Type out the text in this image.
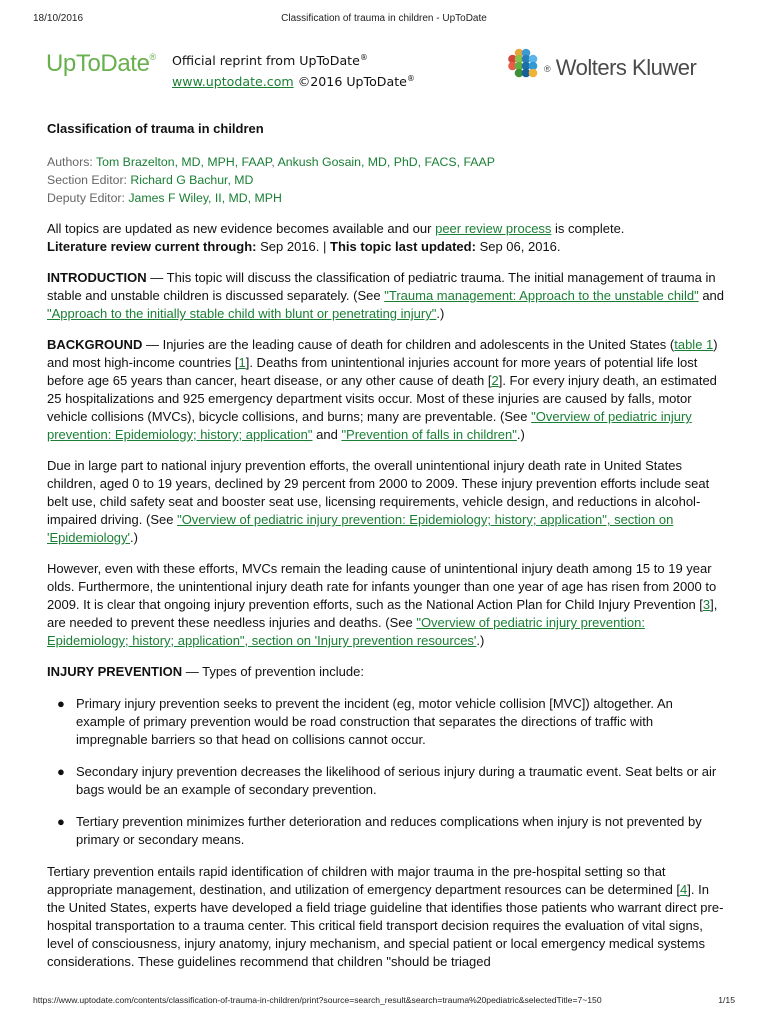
18/10/2016	Classification of trauma in children - UpToDate
UpToDate® Official reprint from UpToDate®
www.uptodate.com ©2016 UpToDate®
® Wolters Kluwer
Classification of trauma in children
Authors: Tom Brazelton, MD, MPH, FAAP, Ankush Gosain, MD, PhD, FACS, FAAP
Section Editor: Richard G Bachur, MD
Deputy Editor: James F Wiley, II, MD, MPH

All topics are updated as new evidence becomes available and our peer review process is complete.
Literature review current through: Sep 2016. | This topic last updated: Sep 06, 2016.

INTRODUCTION — This topic will discuss the classification of pediatric trauma. The initial management of trauma in stable and unstable children is discussed separately. (See "Trauma management: Approach to the unstable child" and "Approach to the initially stable child with blunt or penetrating injury".)

BACKGROUND — Injuries are the leading cause of death for children and adolescents in the United States (table 1) and most high-income countries [1]. Deaths from unintentional injuries account for more years of potential life lost before age 65 years than cancer, heart disease, or any other cause of death [2]. For every injury death, an estimated 25 hospitalizations and 925 emergency department visits occur. Most of these injuries are caused by falls, motor vehicle collisions (MVCs), bicycle collisions, and burns; many are preventable. (See "Overview of pediatric injury prevention: Epidemiology; history; application" and "Prevention of falls in children".)

Due in large part to national injury prevention efforts, the overall unintentional injury death rate in United States children, aged 0 to 19 years, declined by 29 percent from 2000 to 2009. These injury prevention efforts include seat belt use, child safety seat and booster seat use, licensing requirements, vehicle design, and reductions in alcohol-impaired driving. (See "Overview of pediatric injury prevention: Epidemiology; history; application", section on 'Epidemiology'.)

However, even with these efforts, MVCs remain the leading cause of unintentional injury death among 15 to 19 year olds. Furthermore, the unintentional injury death rate for infants younger than one year of age has risen from 2000 to 2009. It is clear that ongoing injury prevention efforts, such as the National Action Plan for Child Injury Prevention [3], are needed to prevent these needless injuries and deaths. (See "Overview of pediatric injury prevention: Epidemiology; history; application", section on 'Injury prevention resources'.)

INJURY PREVENTION — Types of prevention include:

● Primary injury prevention seeks to prevent the incident (eg, motor vehicle collision [MVC]) altogether. An example of primary prevention would be road construction that separates the directions of traffic with impregnable barriers so that head on collisions cannot occur.
● Secondary injury prevention decreases the likelihood of serious injury during a traumatic event. Seat belts or air bags would be an example of secondary prevention.
● Tertiary prevention minimizes further deterioration and reduces complications when injury is not prevented by primary or secondary means.

Tertiary prevention entails rapid identification of children with major trauma in the pre-hospital setting so that appropriate management, destination, and utilization of emergency department resources can be determined [4]. In the United States, experts have developed a field triage guideline that identifies those patients who warrant direct pre-hospital transportation to a trauma center. This critical field transport decision requires the evaluation of vital signs, level of consciousness, injury anatomy, injury mechanism, and special patient or local emergency medical systems considerations. These guidelines recommend that children "should be triaged

https://www.uptodate.com/contents/classification-of-trauma-in-children/print?source=search_result&search=trauma%20pediatric&selectedTitle=7~150	1/15
